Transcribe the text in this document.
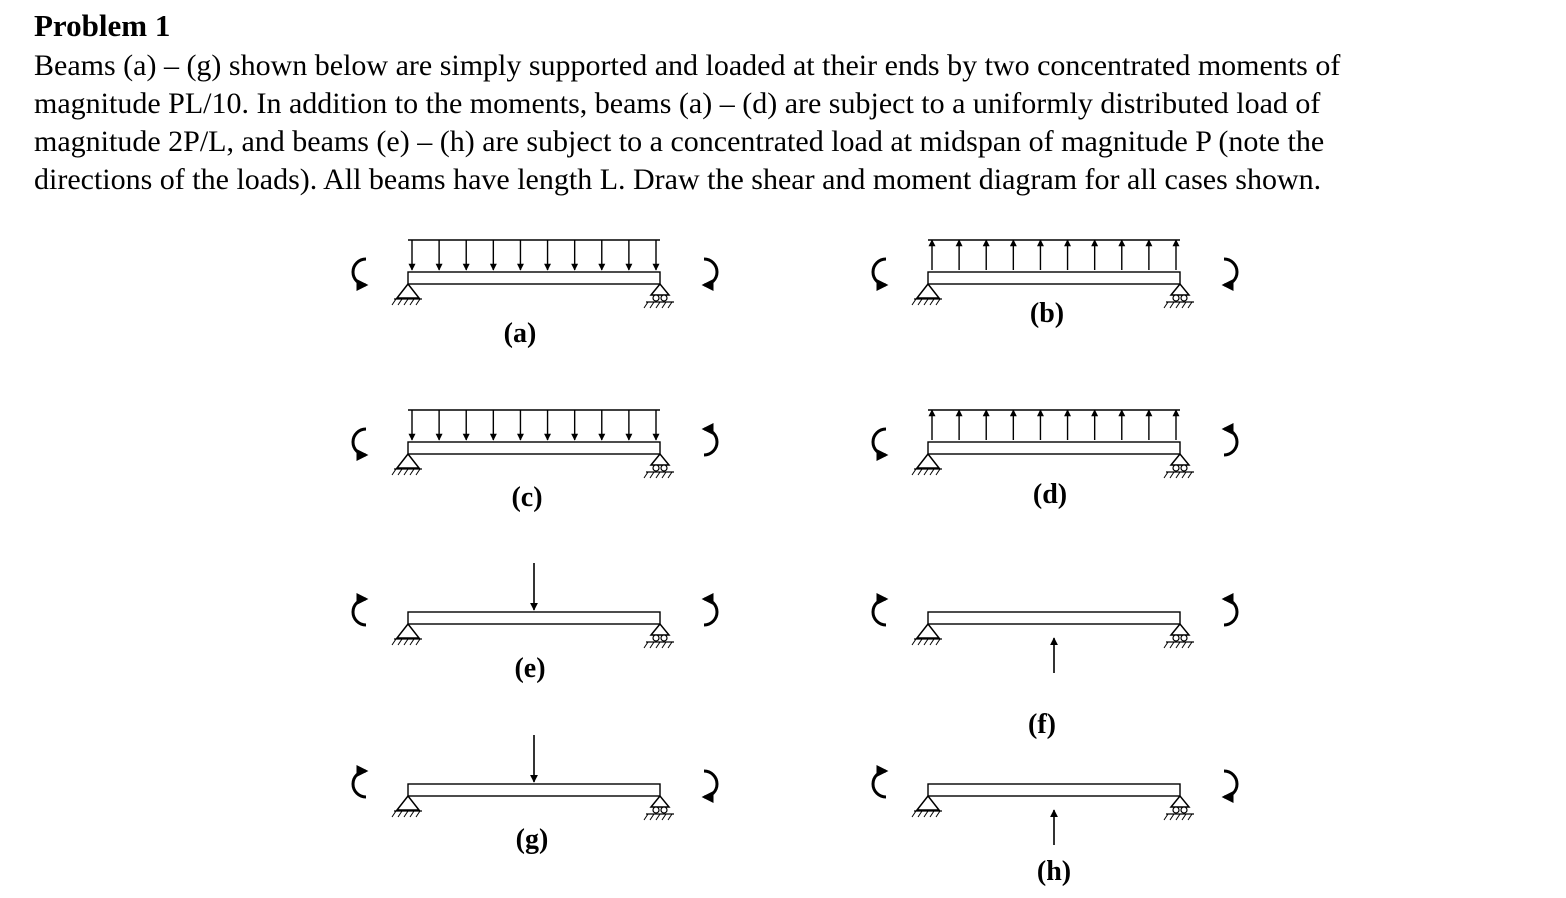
Problem 1
Beams (a) – (g) shown below are simply supported and loaded at their ends by two concentrated moments of
magnitude PL/10. In addition to the moments, beams (a) – (d) are subject to a uniformly distributed load of
magnitude 2P/L, and beams (e) – (h) are subject to a concentrated load at midspan of magnitude P (note the
directions of the loads). All beams have length L. Draw the shear and moment diagram for all cases shown.
(a)
(b)
(c)	(d)
(e)
(f)
(g)
(h)
